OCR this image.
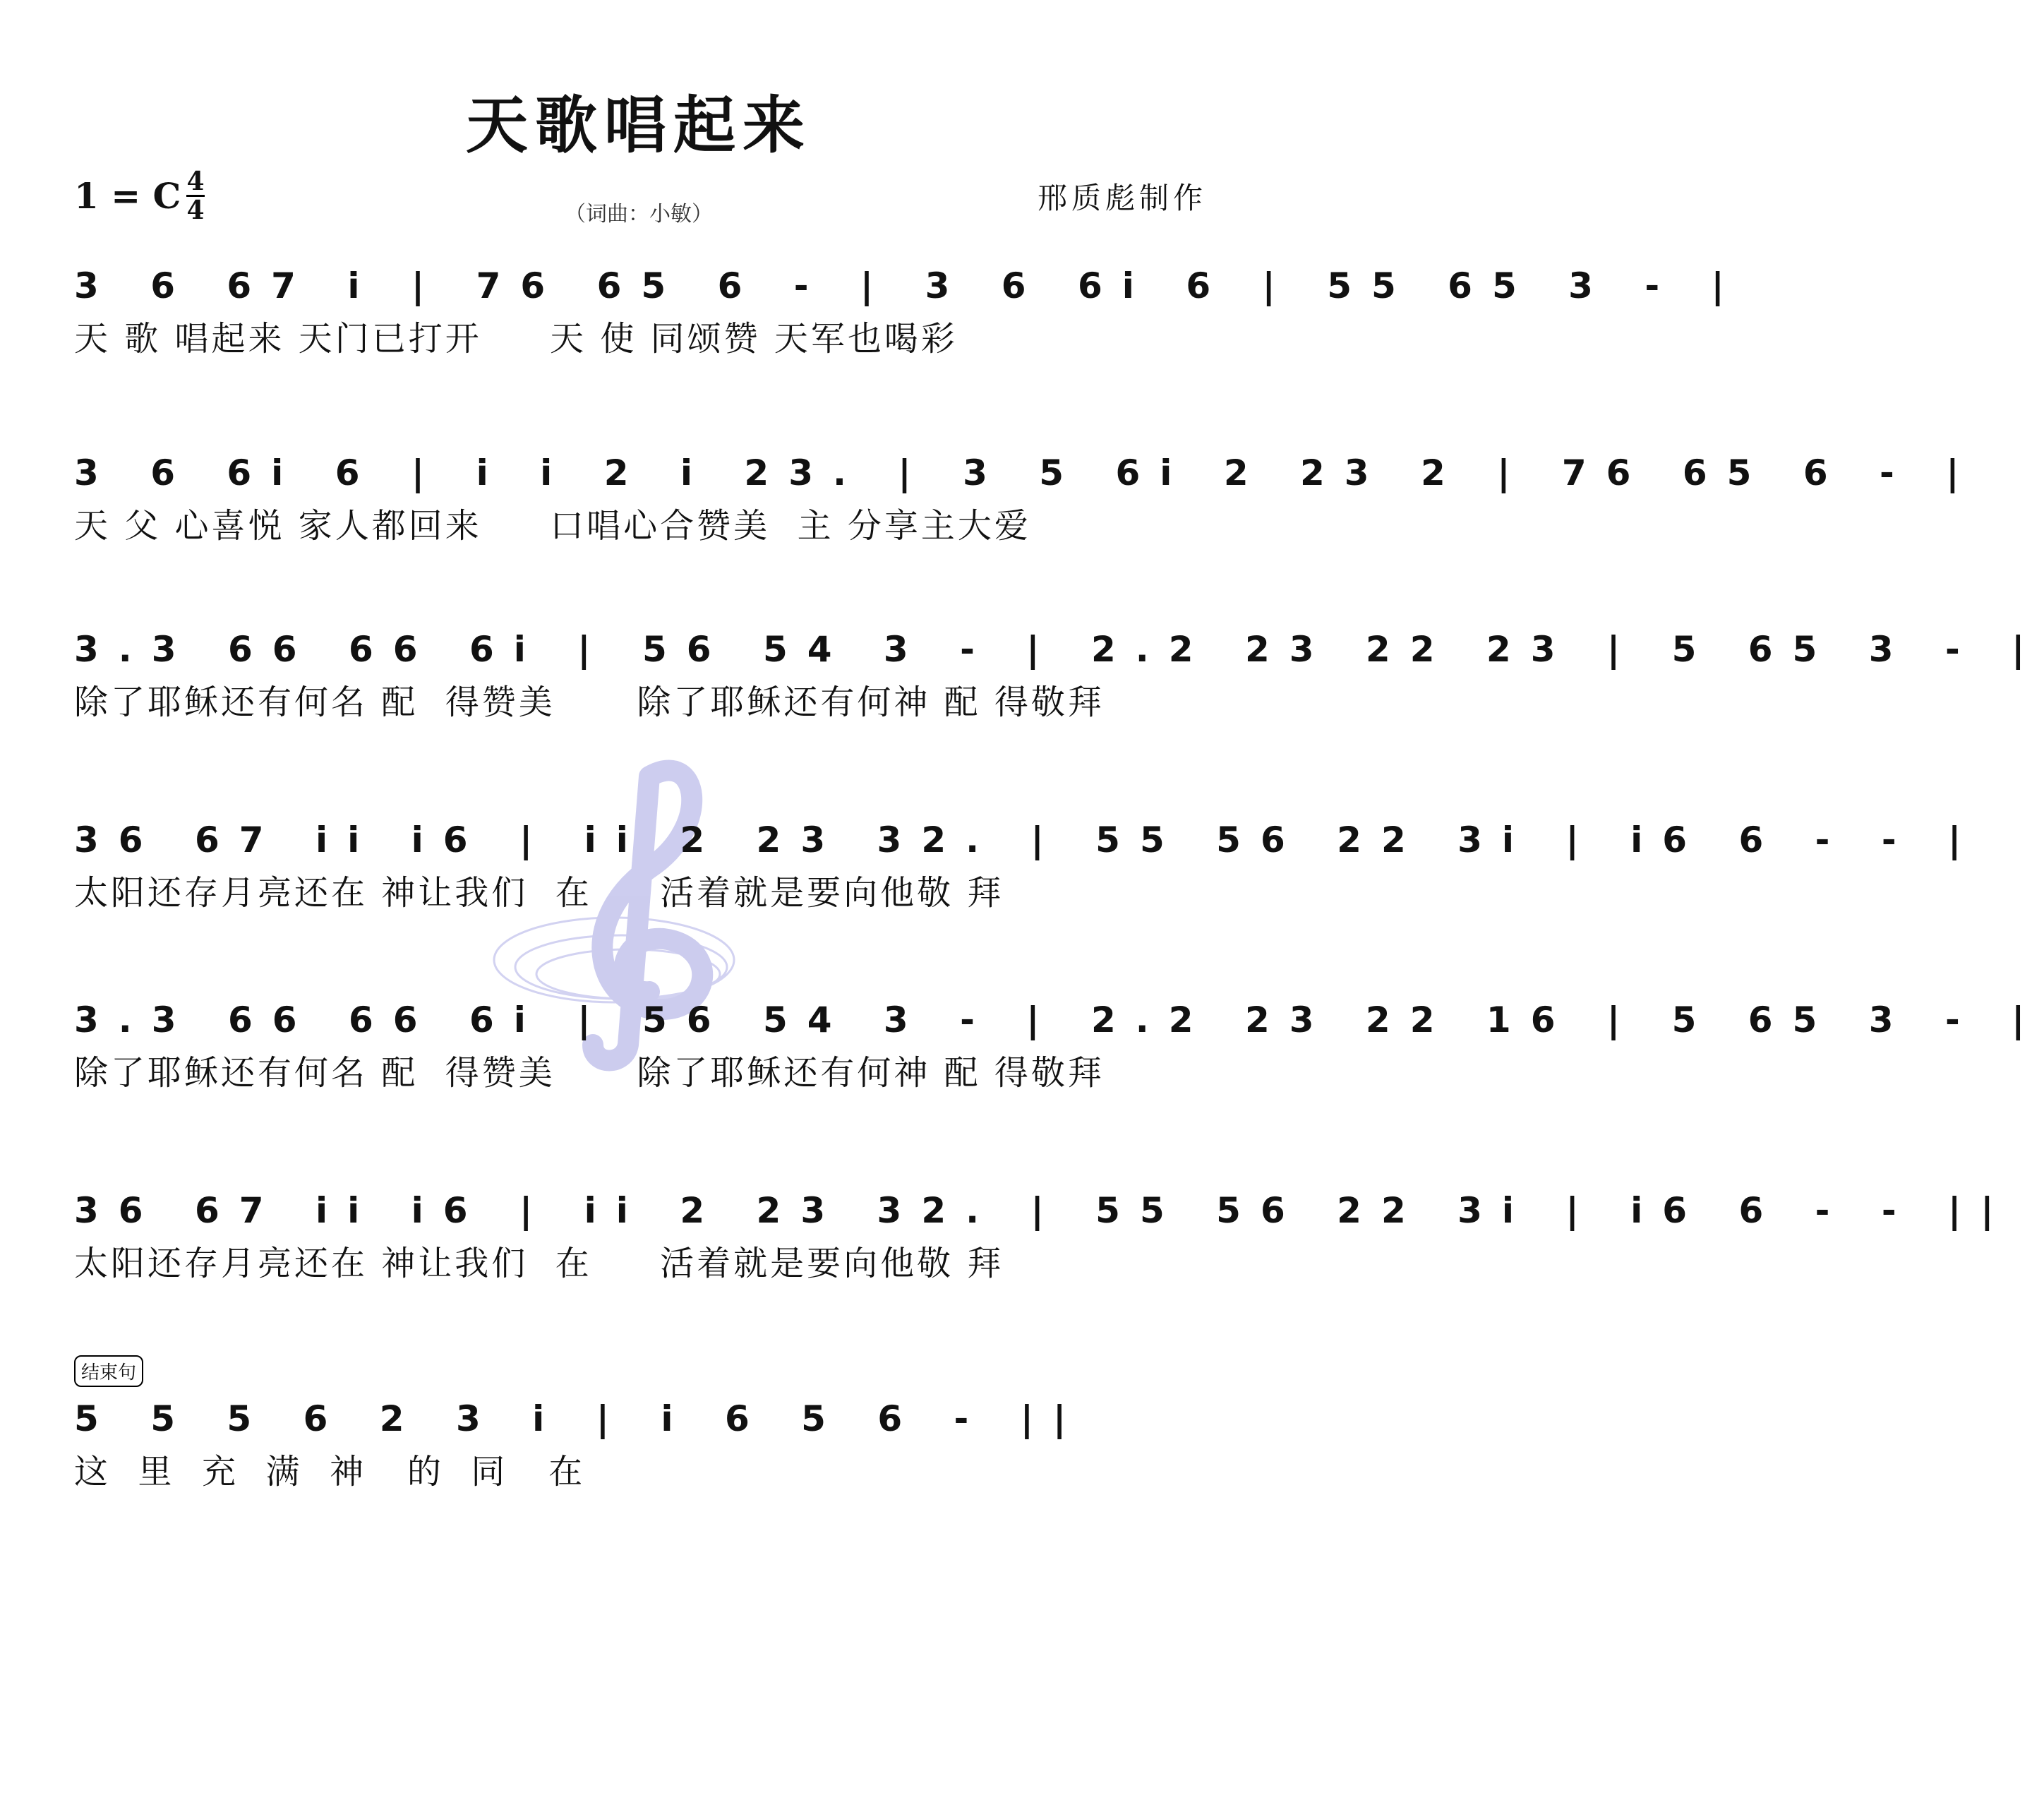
天歌唱起来
1 = C 4
4	（词曲：小敏）	邢质彪制作
3 6 67 i | 76 65 6 - | 3 6 6i 6 | 55 65 3 - |
天 歌 唱起来 天门已打开     天 使 同颂赞 天军也喝彩
3 6 6i 6 | i i 2 i 23. | 3 5 6i 2 23 2 | 76 65 6 - |
天 父 心喜悦 家人都回来     口唱心合赞美  主 分享主大爱
3.3 66 66 6i | 56 54 3 - | 2.2 23 22 23 | 5 65 3 - |
除了耶稣还有何名 配  得赞美      除了耶稣还有何神 配 得敬拜
36 67 ii i6 | ii 2 23 32. | 55 56 22 3i | i6 6 - - |
太阳还存月亮还在 神让我们  在     活着就是要向他敬 拜
3.3 66 66 6i | 56 54 3 - | 2.2 23 22 16 | 5 65 3 - |
除了耶稣还有何名 配  得赞美      除了耶稣还有何神 配 得敬拜
36 67 ii i6 | ii 2 23 32. | 55 56 22 3i | i6 6 - - ||
太阳还存月亮还在 神让我们  在     活着就是要向他敬 拜
结束句
5 5 5 6 2 3 i | i 6 5 6 - ||
这  里  充  满  神   的  同   在
